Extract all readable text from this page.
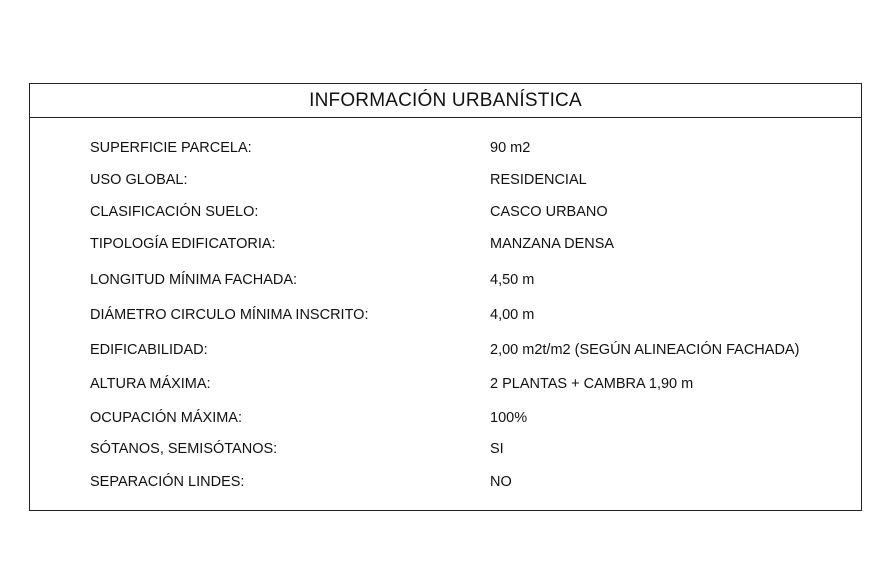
INFORMACIÓN URBANÍSTICA
SUPERFICIE PARCELA:	90 m2
USO GLOBAL:	RESIDENCIAL
CLASIFICACIÓN SUELO:	CASCO URBANO
TIPOLOGÍA EDIFICATORIA:	MANZANA DENSA
LONGITUD MÍNIMA FACHADA:	4,50 m
DIÁMETRO CIRCULO MÍNIMA INSCRITO:	4,00 m
EDIFICABILIDAD:	2,00 m2t/m2 (SEGÚN ALINEACIÓN FACHADA)
ALTURA MÁXIMA:	2 PLANTAS + CAMBRA 1,90 m
OCUPACIÓN MÁXIMA:	100%
SÓTANOS, SEMISÓTANOS:	SI
SEPARACIÓN LINDES:	NO
